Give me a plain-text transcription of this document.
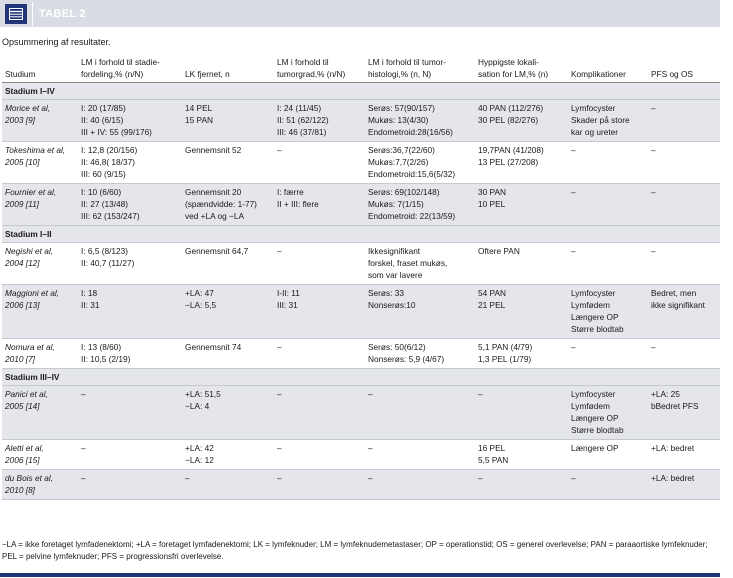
TABEL 2
Opsummering af resultater.
Studium	LM i forhold til stadie-
fordeling,% (n/N)	LK fjernet, n	LM i forhold til
tumorgrad,% (n/N)	LM i forhold til tumor-
histologi,% (n, N)	Hyppigste lokali-
sation for LM,% (n)	Komplikationer	PFS og OS

Stadium I–IV							

Moriсe et al,
2003 [9]	I: 20 (17/85)
II: 40 (6/15)
III + IV: 55 (99/176)	14 PEL
15 PAN	I: 24 (11/45)
II: 51 (62/122)
III: 46 (37/81)	Serøs: 57(90/157)
Mukøs: 13(4/30)
Endometroid:28(16/56)	40 PAN (112/276)
30 PEL (82/276)	Lymfocyster
Skader på store
kar og ureter	–

Tokeshima et al,
2005 [10]	I: 12,8 (20/156)
II: 46,8( 18/37)
III: 60 (9/15)	Gennemsnit 52	–	Serøs:36,7(22/60)
Mukøs:7,7(2/26)
Endometroid:15,6(5/32)	19,7PAN (41/208)
13 PEL (27/208)	–	–

Fournier et al,
2009 [11]	I: 10 (6/60)
II: 27 (13/48)
III: 62 (153/247)	Gennemsnit 20
(spændvidde: 1-77)
ved +LA og −LA	I: færre
II + III: flere	Serøs: 69(102/148)
Mukøs: 7(1/15)
Endometroid: 22(13/59)	30 PAN
10 PEL	–	–

Stadium I–II							

Negishi et al,
2004 [12]	I: 6,5 (8/123)
II: 40,7 (11/27)	Gennemsnit 64,7	–	Ikkesignifikant
forskel, fraset mukøs,
som var lavere	Oftere PAN	–	–

Maggioni et al,
2006 [13]	I: 18
II: 31	+LA: 47
−LA: 5,5	I-II: 11
III: 31	Serøs: 33
Nonserøs:10	54 PAN
21 PEL	Lymfocyster
Lymfødem
Længere OP
Større blodtab	Bedret, men
ikke signifikant

Nomura et al,
2010 [7]	I: 13 (8/60)
II: 10,5 (2/19)	Gennemsnit 74	–	Serøs: 50(6/12)
Nonserøs: 5,9 (4/67)	5,1 PAN (4/79)
1,3 PEL (1/79)	–	–

Stadium III–IV							

Panici et al,
2005 [14]	–	+LA: 51,5
−LA: 4	–	–	–	Lymfocyster
Lymfødem
Længere OP
Større blodtab	+LA: 25
bBedret PFS

Aletti et al,
2006 [15]	–	+LA: 42
−LA: 12	–	–	16 PEL
5,5 PAN	Længere OP	+LA: bedret

du Bois et al,
2010 [8]	–	–	–	–	–	–	+LA: bedret
−LA = ikke foretaget lymfadenektomi; +LA = foretaget lymfadenektomi; LK = lymfeknuder; LM = lymfeknudemetastaser; OP = operationstid; OS = generel overlevelse; PAN = paraaortiske lymfeknuder; PEL = pelvine lymfeknuder; PFS = progressionsfri overlevelse.
